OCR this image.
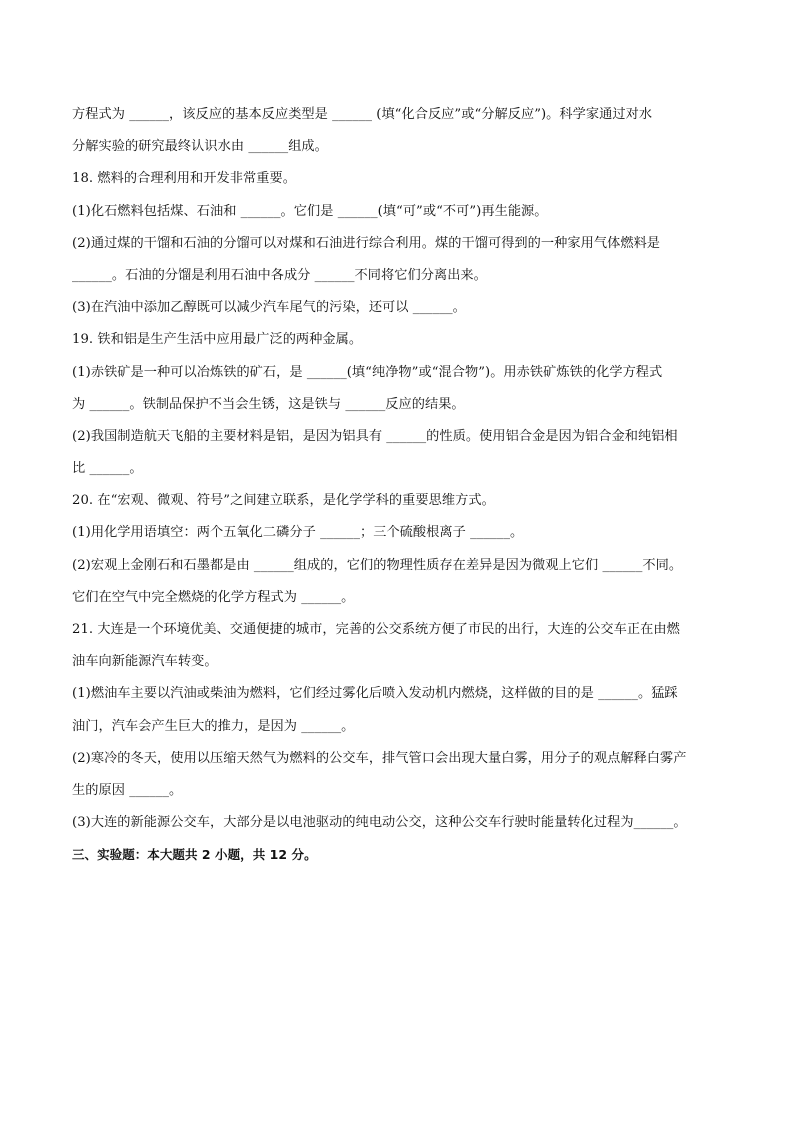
方程式为 ______，该反应的基本反应类型是 ______ (填“化合反应”或“分解反应”)。科学家通过对水
分解实验的研究最终认识水由 ______组成。
18. 燃料的合理利用和开发非常重要。
(1)化石燃料包括煤、石油和 ______。它们是 ______(填“可”或“不可”)再生能源。
(2)通过煤的干馏和石油的分馏可以对煤和石油进行综合利用。煤的干馏可得到的一种家用气体燃料是
______。石油的分馏是利用石油中各成分 ______不同将它们分离出来。
(3)在汽油中添加乙醇既可以减少汽车尾气的污染，还可以 ______。
19. 铁和铝是生产生活中应用最广泛的两种金属。
(1)赤铁矿是一种可以冶炼铁的矿石，是 ______(填“纯净物”或“混合物”)。用赤铁矿炼铁的化学方程式
为 ______。铁制品保护不当会生锈，这是铁与 ______反应的结果。
(2)我国制造航天飞船的主要材料是铝，是因为铝具有 ______的性质。使用铝合金是因为铝合金和纯铝相
比 ______。
20. 在“宏观、微观、符号”之间建立联系，是化学学科的重要思维方式。
(1)用化学用语填空：两个五氧化二磷分子 ______；三个硫酸根离子 ______。
(2)宏观上金刚石和石墨都是由 ______组成的，它们的物理性质存在差异是因为微观上它们 ______不同。
它们在空气中完全燃烧的化学方程式为 ______。
21. 大连是一个环境优美、交通便捷的城市，完善的公交系统方便了市民的出行，大连的公交车正在由燃
油车向新能源汽车转变。
(1)燃油车主要以汽油或柴油为燃料，它们经过雾化后喷入发动机内燃烧，这样做的目的是 ______。猛踩
油门，汽车会产生巨大的推力，是因为 ______。
(2)寒冷的冬天，使用以压缩天然气为燃料的公交车，排气管口会出现大量白雾，用分子的观点解释白雾产
生的原因 ______。
(3)大连的新能源公交车，大部分是以电池驱动的纯电动公交，这种公交车行驶时能量转化过程为______。
三、实验题：本大题共 2 小题，共 12 分。
